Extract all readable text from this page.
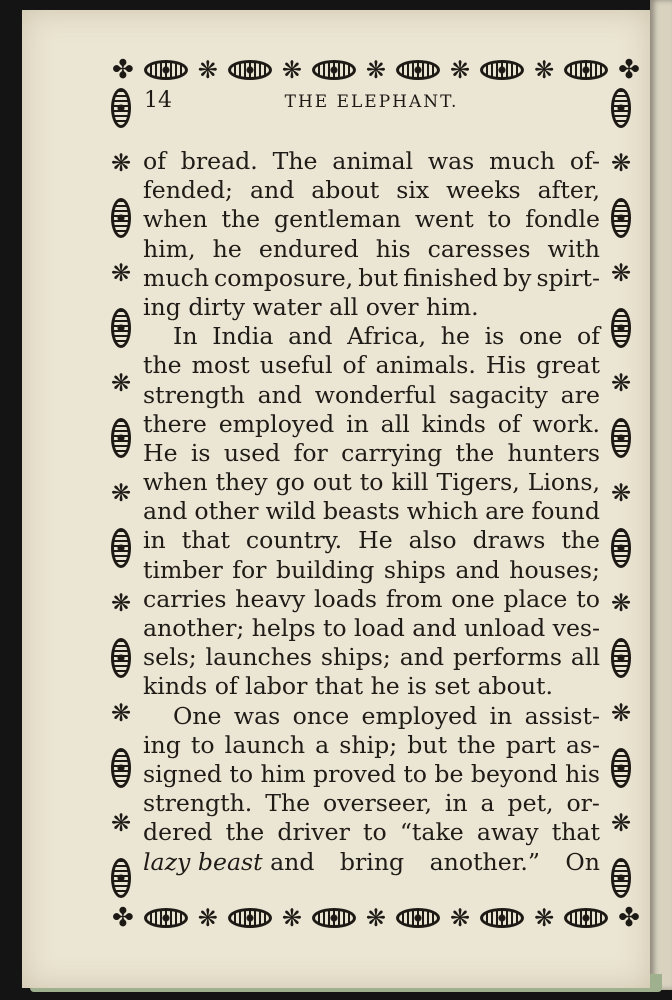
✤	❋	❋	❋	❋	❋ ✤
✤	❋	❋	❋	❋	❋ ✤
❋
❋
❋
❋
❋
❋
❋
❋
❋
❋
❋
❋
❋
❋
14	THE ELEPHANT.
of bread. The animal was much of-
fended; and about six weeks after,
when the gentleman went to fondle
him, he endured his caresses with
much composure, but finished by spirt-
ing dirty water all over him.
In India and Africa, he is one of
the most useful of animals. His great
strength and wonderful sagacity are
there employed in all kinds of work.
He is used for carrying the hunters
when they go out to kill Tigers, Lions,
and other wild beasts which are found
in that country. He also draws the
timber for building ships and houses;
carries heavy loads from one place to
another; helps to load and unload ves-
sels; launches ships; and performs all
kinds of labor that he is set about.
One was once employed in assist-
ing to launch a ship; but the part as-
signed to him proved to be beyond his
strength. The overseer, in a pet, or-
dered the driver to “take away that
lazy beast
and bring another.” On
